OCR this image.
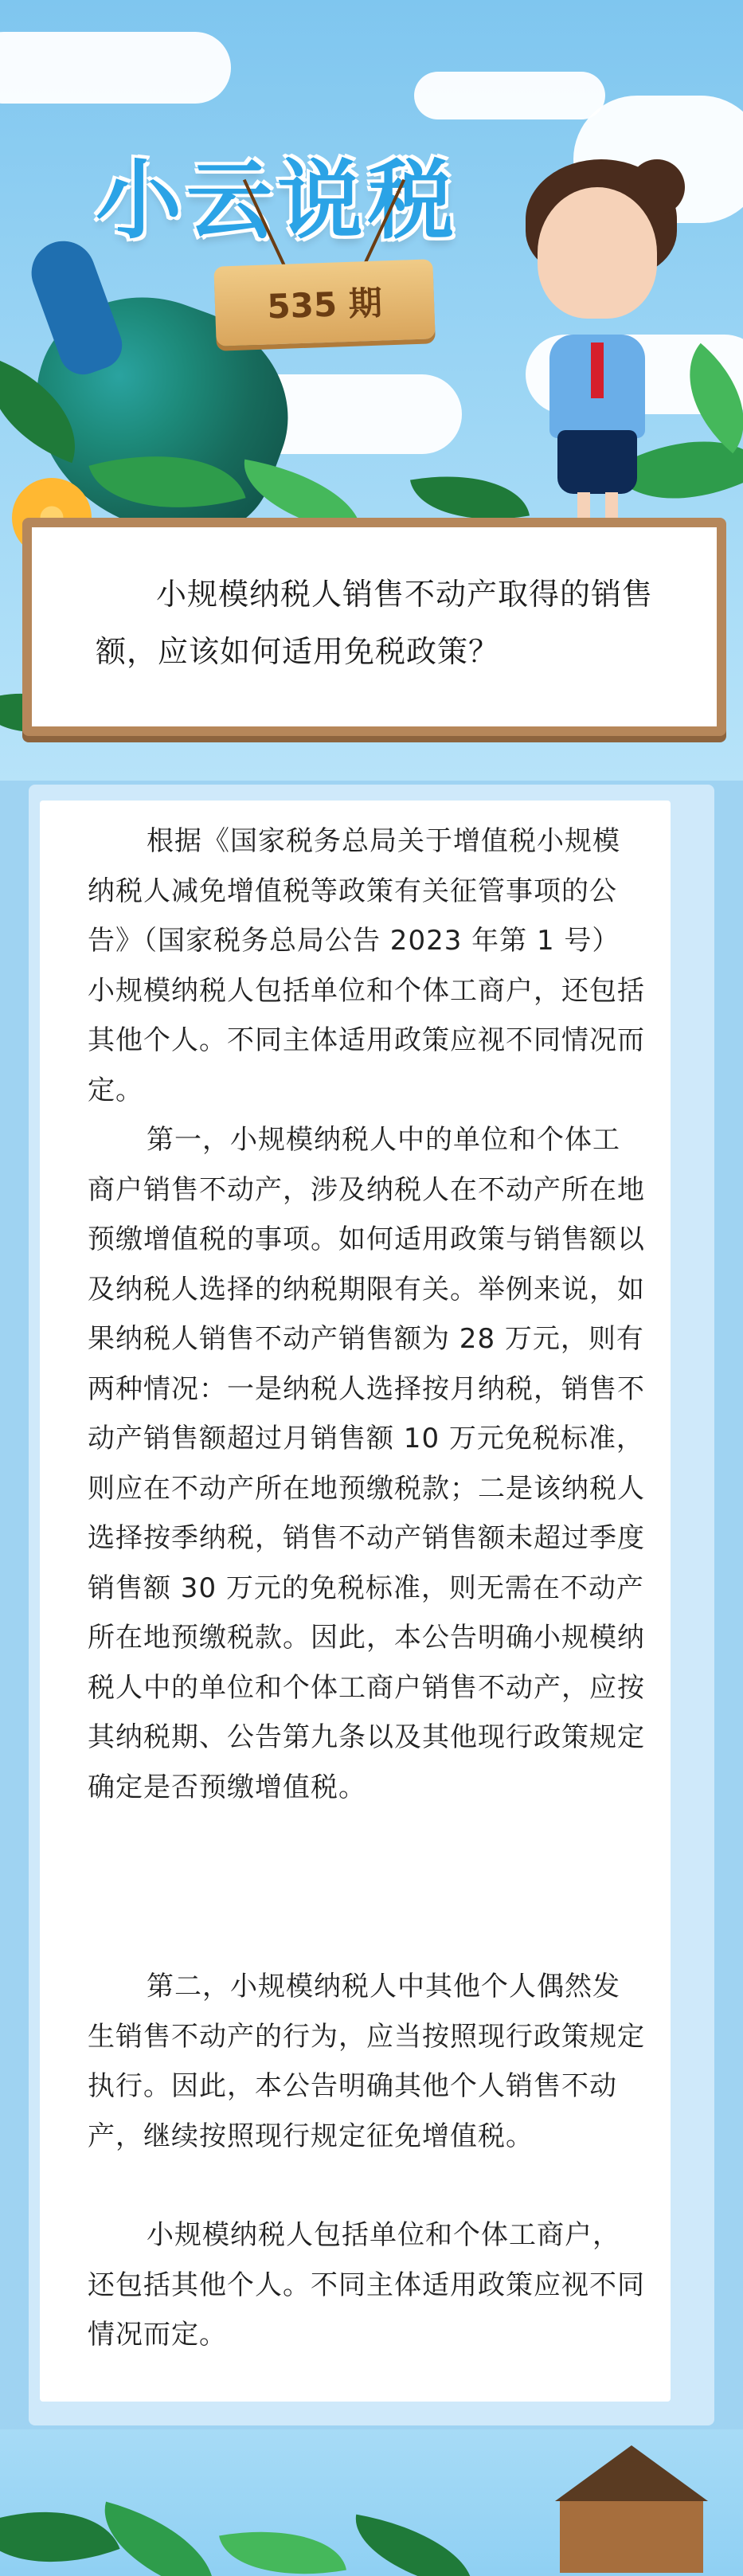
小云说税
535 期
小规模纳税人销售不动产取得的销售额，应该如何适用免税政策？

根据《国家税务总局关于增值税小规模纳税人减免增值税等政策有关征管事项的公告》（国家税务总局公告 2023 年第 1 号）小规模纳税人包括单位和个体工商户，还包括其他个人。不同主体适用政策应视不同情况而定。

第一，小规模纳税人中的单位和个体工商户销售不动产，涉及纳税人在不动产所在地预缴增值税的事项。如何适用政策与销售额以及纳税人选择的纳税期限有关。举例来说，如果纳税人销售不动产销售额为 28 万元，则有两种情况：一是纳税人选择按月纳税，销售不动产销售额超过月销售额 10 万元免税标准，则应在不动产所在地预缴税款；二是该纳税人选择按季纳税，销售不动产销售额未超过季度销售额 30 万元的免税标准，则无需在不动产所在地预缴税款。因此，本公告明确小规模纳税人中的单位和个体工商户销售不动产，应按其纳税期、公告第九条以及其他现行政策规定确定是否预缴增值税。

第二，小规模纳税人中其他个人偶然发生销售不动产的行为，应当按照现行政策规定执行。因此，本公告明确其他个人销售不动产，继续按照现行规定征免增值税。

小规模纳税人包括单位和个体工商户，还包括其他个人。不同主体适用政策应视不同情况而定。
